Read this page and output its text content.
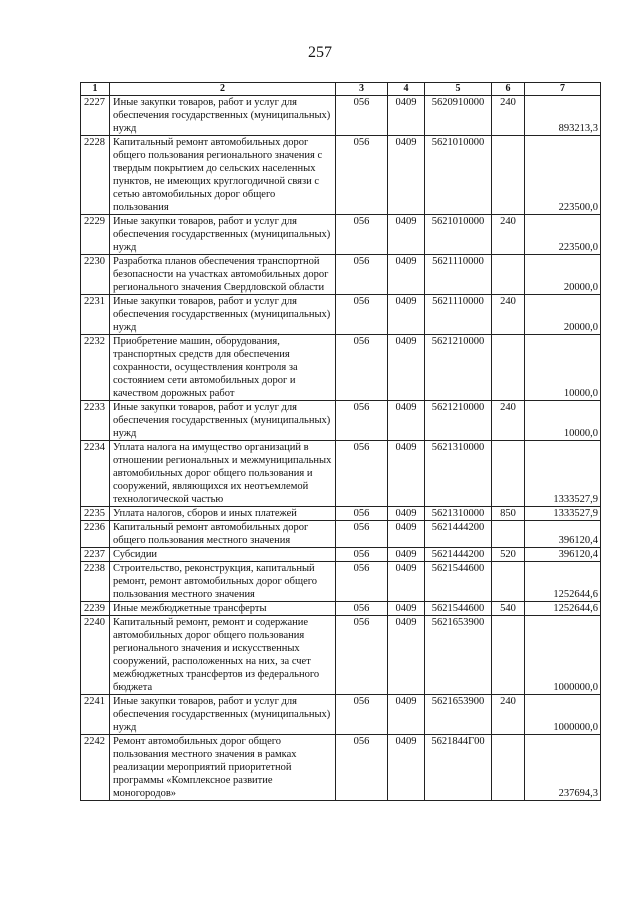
257
1	2	3	4	5	6	7
2227	Иные закупки товаров, работ и услуг для обеспечения государственных (муниципальных) нужд	056	0409	5620910000	240	893213,3
2228	Капитальный ремонт автомобильных дорог общего пользования регионального значения с твердым покрытием до сельских населенных пунктов, не имеющих круглогодичной связи с сетью автомобильных дорог общего пользования	056	0409	5621010000		223500,0
2229	Иные закупки товаров, работ и услуг для обеспечения государственных (муниципальных) нужд	056	0409	5621010000	240	223500,0
2230	Разработка планов обеспечения транспортной безопасности на участках автомобильных дорог регионального значения Свердловской области	056	0409	5621110000		20000,0
2231	Иные закупки товаров, работ и услуг для обеспечения государственных (муниципальных) нужд	056	0409	5621110000	240	20000,0
2232	Приобретение машин, оборудования, транспортных средств для обеспечения сохранности, осуществления контроля за состоянием сети автомобильных дорог и качеством дорожных работ	056	0409	5621210000		10000,0
2233	Иные закупки товаров, работ и услуг для обеспечения государственных (муниципальных) нужд	056	0409	5621210000	240	10000,0
2234	Уплата налога на имущество организаций в отношении региональных и межмуниципальных автомобильных дорог общего пользования и сооружений, являющихся их неотъемлемой технологической частью	056	0409	5621310000		1333527,9
2235	Уплата налогов, сборов и иных платежей	056	0409	5621310000	850	1333527,9
2236	Капитальный ремонт автомобильных дорог общего пользования местного значения	056	0409	5621444200		396120,4
2237	Субсидии	056	0409	5621444200	520	396120,4
2238	Строительство, реконструкция, капитальный ремонт, ремонт автомобильных дорог общего пользования местного значения	056	0409	5621544600		1252644,6
2239	Иные межбюджетные трансферты	056	0409	5621544600	540	1252644,6
2240	Капитальный ремонт, ремонт и содержание автомобильных дорог общего пользования регионального значения и искусственных сооружений, расположенных на них, за счет межбюджетных трансфертов из федерального бюджета	056	0409	5621653900		1000000,0
2241	Иные закупки товаров, работ и услуг для обеспечения государственных (муниципальных) нужд	056	0409	5621653900	240	1000000,0
2242	Ремонт автомобильных дорог общего пользования местного значения в рамках реализации мероприятий приоритетной программы «Комплексное развитие моногородов»	056	0409	5621844Г00		237694,3
